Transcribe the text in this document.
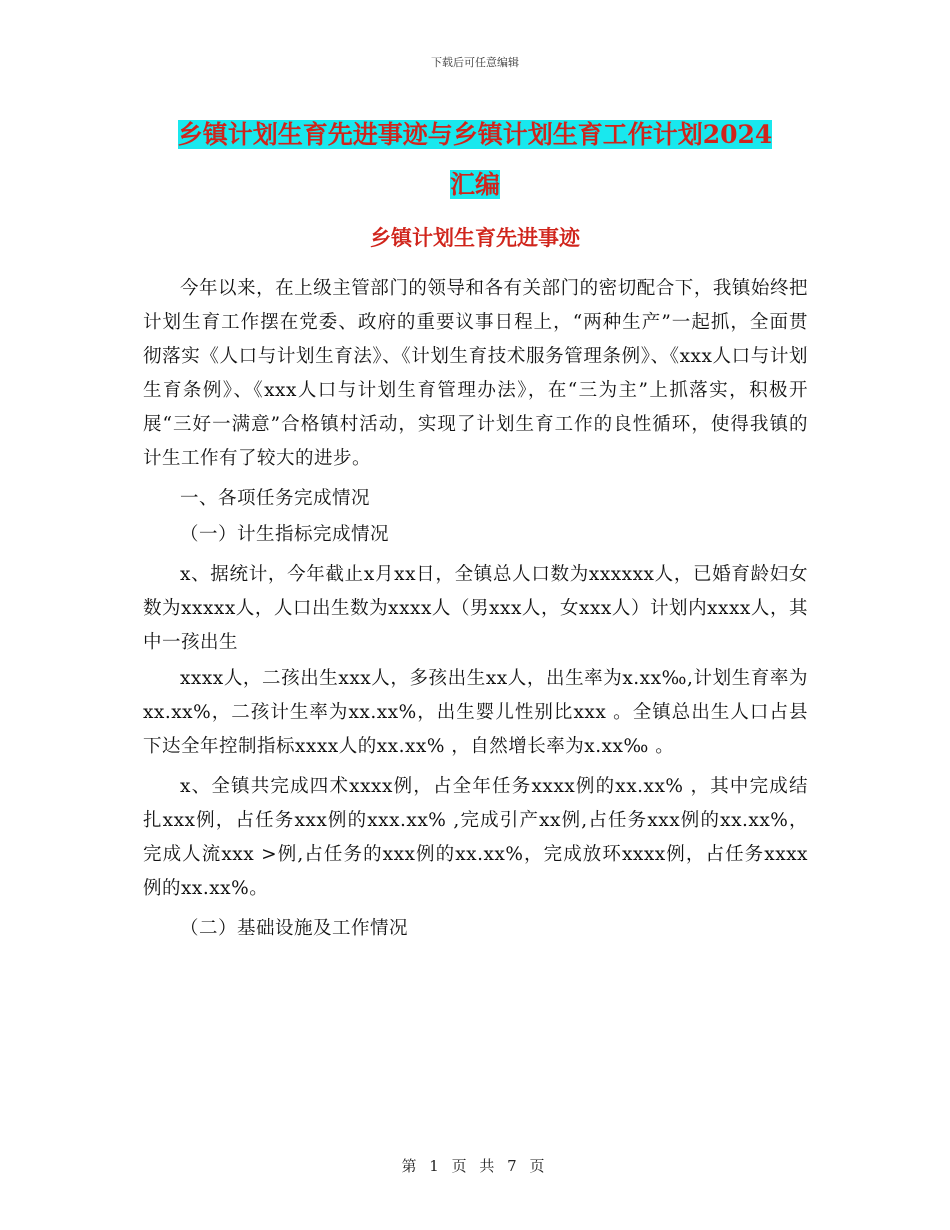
下载后可任意编辑
乡镇计划生育先进事迹与乡镇计划生育工作计划2024
汇编
乡镇计划生育先进事迹

今年以来，在上级主管部门的领导和各有关部门的密切配合下，我镇始终把计划生育工作摆在党委、政府的重要议事日程上，“两种生产”一起抓，全面贯彻落实《人口与计划生育法》、《计划生育技术服务管理条例》、《xxx人口与计划生育条例》、《xxx人口与计划生育管理办法》，在“三为主”上抓落实，积极开展“三好一满意”合格镇村活动，实现了计划生育工作的良性循环，使得我镇的计生工作有了较大的进步。

一、各项任务完成情况

（一）计生指标完成情况

x、据统计，今年截止x月xx日，全镇总人口数为xxxxxx人，已婚育龄妇女数为xxxxx人，人口出生数为xxxx人（男xxx人，女xxx人）计划内xxxx人，其中一孩出生

xxxx人，二孩出生xxx人，多孩出生xx人，出生率为x.xx‰,计划生育率为xx.xx%，二孩计生率为xx.xx%，出生婴儿性别比xxx 。全镇总出生人口占县下达全年控制指标xxxx人的xx.xx% ，自然增长率为x.xx‰ 。

x、全镇共完成四术xxxx例，占全年任务xxxx例的xx.xx% ，其中完成结扎xxx例，占任务xxx例的xxx.xx% ,完成引产xx例,占任务xxx例的xx.xx%，完成人流xxx >例,占任务的xxx例的xx.xx%，完成放环xxxx例，占任务xxxx例的xx.xx%。

（二）基础设施及工作情况

第 1 页 共 7 页
